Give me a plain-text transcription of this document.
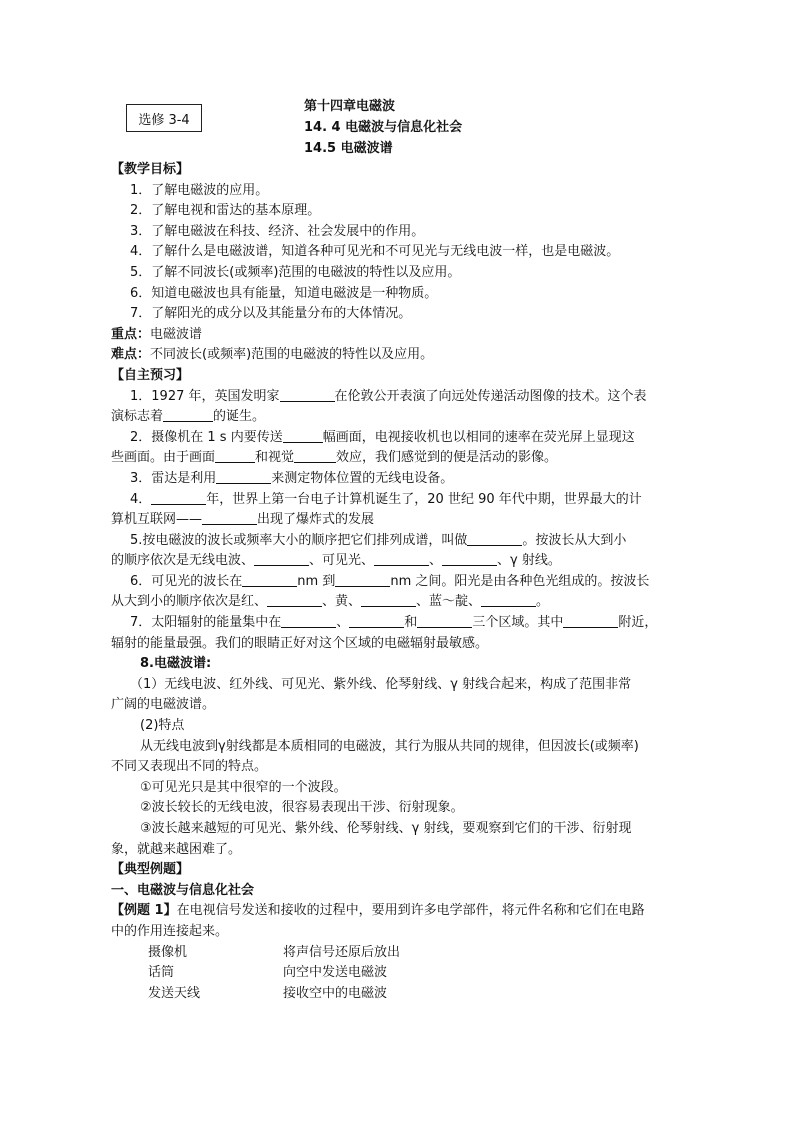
选修 3-4
第十四章电磁波
14. 4 电磁波与信息化社会
14.5 电磁波谱
【教学目标】
1．了解电磁波的应用。
2．了解电视和雷达的基本原理。
3．了解电磁波在科技、经济、社会发展中的作用。
4．了解什么是电磁波谱，知道各种可见光和不可见光与无线电波一样，也是电磁波。
5．了解不同波长(或频率)范围的电磁波的特性以及应用。
6．知道电磁波也具有能量，知道电磁波是一种物质。
7．了解阳光的成分以及其能量分布的大体情况。
重点：电磁波谱
难点：不同波长(或频率)范围的电磁波的特性以及应用。
【自主预习】
1．1927 年，英国发明家	在伦敦公开表演了向远处传递活动图像的技术。这个表
演标志着	的诞生。
2．摄像机在 1 s 内要传送	幅画面，电视接收机也以相同的速率在荧光屏上显现这
些画面。由于画面	和视觉	效应，我们感觉到的便是活动的影像。
3．雷达是利用	来测定物体位置的无线电设备。
4．	年，世界上第一台电子计算机诞生了，20 世纪 90 年代中期，世界最大的计
算机互联网——	出现了爆炸式的发展
5.按电磁波的波长或频率大小的顺序把它们排列成谱，叫做	。按波长从大到小
的顺序依次是无线电波、	、可见光、	、	、γ 射线。
6．可见光的波长在	nm 到	nm 之间。阳光是由各种色光组成的。按波长
从大到小的顺序依次是红、	、黄、	、蓝～靛、	。
7．太阳辐射的能量集中在	、	和	三个区域。其中	附近，
辐射的能量最强。我们的眼睛正好对这个区域的电磁辐射最敏感。
8.电磁波谱:
（1）无线电波、红外线、可见光、紫外线、伦琴射线、γ 射线合起来，构成了范围非常
广阔的电磁波谱。
(2)特点
从无线电波到γ射线都是本质相同的电磁波，其行为服从共同的规律，但因波长(或频率)
不同又表现出不同的特点。
①可见光只是其中很窄的一个波段。
②波长较长的无线电波，很容易表现出干涉、衍射现象。
③波长越来越短的可见光、紫外线、伦琴射线、γ 射线，要观察到它们的干涉、衍射现
象，就越来越困难了。
【典型例题】
一、电磁波与信息化社会
【例题 1】在电视信号发送和接收的过程中，要用到许多电学部件，将元件名称和它们在电路
中的作用连接起来。
摄像机	将声信号还原后放出
话筒	向空中发送电磁波
发送天线	接收空中的电磁波
